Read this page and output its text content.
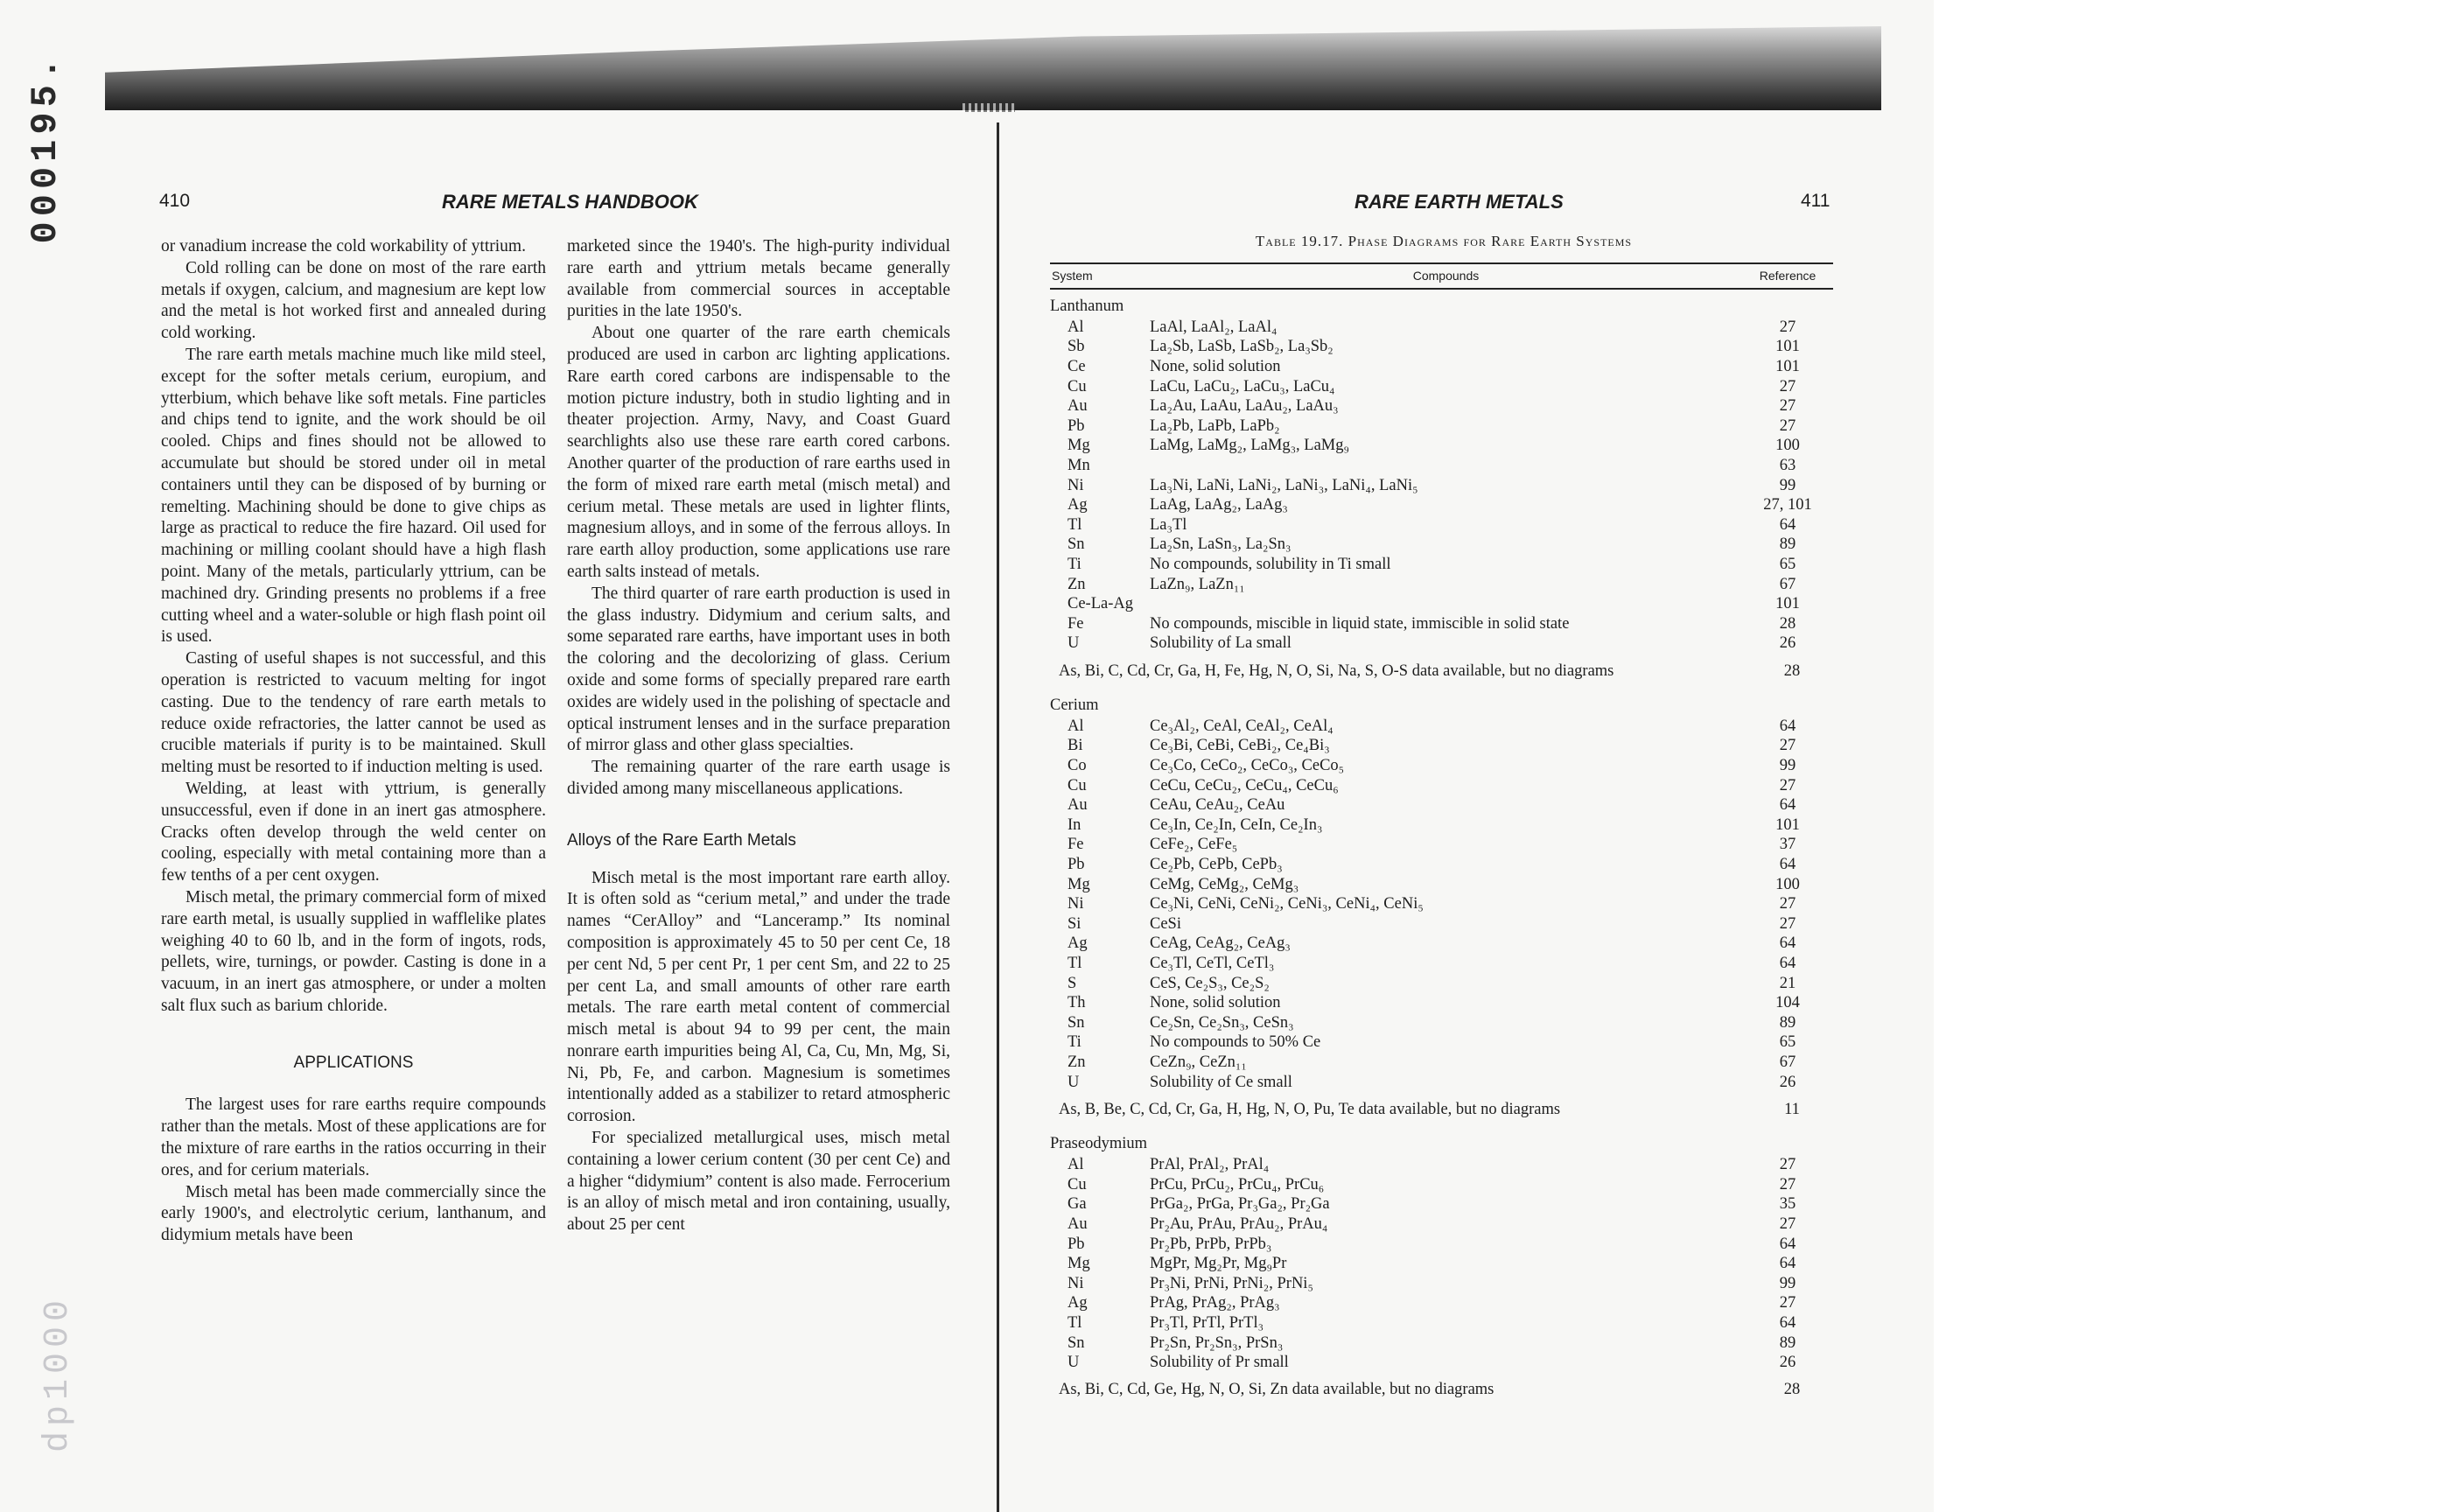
000195.
dp1000
410	RARE METALS HANDBOOK

or vanadium increase the cold workability of yttrium.

Cold rolling can be done on most of the rare earth metals if oxygen, calcium, and magnesium are kept low and the metal is hot worked first and annealed during cold working.

The rare earth metals machine much like mild steel, except for the softer metals cerium, europium, and ytterbium, which behave like soft metals. Fine particles and chips tend to ignite, and the work should be oil cooled. Chips and fines should not be allowed to accumulate but should be stored under oil in metal containers until they can be disposed of by burning or remelting. Machining should be done to give chips as large as practical to reduce the fire hazard. Oil used for machining or milling coolant should have a high flash point. Many of the metals, particularly yttrium, can be machined dry. Grinding presents no problems if a free cutting wheel and a water-soluble or high flash point oil is used.

Casting of useful shapes is not successful, and this operation is restricted to vacuum melting for ingot casting. Due to the tendency of rare earth metals to reduce oxide refractories, the latter cannot be used as crucible materials if purity is to be maintained. Skull melting must be resorted to if induction melting is used.

Welding, at least with yttrium, is generally unsuccessful, even if done in an inert gas atmosphere. Cracks often develop through the weld center on cooling, especially with metal containing more than a few tenths of a per cent oxygen.

Misch metal, the primary commercial form of mixed rare earth metal, is usually supplied in wafflelike plates weighing 40 to 60 lb, and in the form of ingots, rods, pellets, wire, turnings, or powder. Casting is done in a vacuum, in an inert gas atmosphere, or under a molten salt flux such as barium chloride.

APPLICATIONS

The largest uses for rare earths require compounds rather than the metals. Most of these applications are for the mixture of rare earths in the ratios occurring in their ores, and for cerium materials.

Misch metal has been made commercially since the early 1900's, and electrolytic cerium, lanthanum, and didymium metals have been

marketed since the 1940's. The high-purity individual rare earth and yttrium metals became generally available from commercial sources in acceptable purities in the late 1950's.

About one quarter of the rare earth chemicals produced are used in carbon arc lighting applications. Rare earth cored carbons are indispensable to the motion picture industry, both in studio lighting and in theater projection. Army, Navy, and Coast Guard searchlights also use these rare earth cored carbons. Another quarter of the production of rare earths used in the form of mixed rare earth metal (misch metal) and cerium metal. These metals are used in lighter flints, magnesium alloys, and in some of the ferrous alloys. In rare earth alloy production, some applications use rare earth salts instead of metals.

The third quarter of rare earth production is used in the glass industry. Didymium and cerium salts, and some separated rare earths, have important uses in both the coloring and the decolorizing of glass. Cerium oxide and some forms of specially prepared rare earth oxides are widely used in the polishing of spectacle and optical instrument lenses and in the surface preparation of mirror glass and other glass specialties.

The remaining quarter of the rare earth usage is divided among many miscellaneous applications.

Alloys of the Rare Earth Metals

Misch metal is the most important rare earth alloy. It is often sold as “cerium metal,” and under the trade names “CerAlloy” and “Lanceramp.” Its nominal composition is approximately 45 to 50 per cent Ce, 18 per cent Nd, 5 per cent Pr, 1 per cent Sm, and 22 to 25 per cent La, and small amounts of other rare earth metals. The rare earth metal content of commercial misch metal is about 94 to 99 per cent, the main nonrare earth impurities being Al, Ca, Cu, Mn, Mg, Si, Ni, Pb, Fe, and carbon. Magnesium is sometimes intentionally added as a stabilizer to retard atmospheric corrosion.

For specialized metallurgical uses, misch metal containing a lower cerium content (30 per cent Ce) and a higher “didymium” content is also made. Ferrocerium is an alloy of misch metal and iron containing, usually, about 25 per cent

RARE EARTH METALS	411
Table 19.17. Phase Diagrams for Rare Earth Systems
System	Compounds	Reference
Lanthanum		
Al	LaAl, LaAl₂, LaAl₄	27
Sb	La₂Sb, LaSb, LaSb₂, La₃Sb₂	101
Ce	None, solid solution	101
Cu	LaCu, LaCu₂, LaCu₃, LaCu₄	27
Au	La₂Au, LaAu, LaAu₂, LaAu₃	27
Pb	La₂Pb, LaPb, LaPb₂	27
Mg	LaMg, LaMg₂, LaMg₃, LaMg₉	100
Mn		63
Ni	La₃Ni, LaNi, LaNi₂, LaNi₃, LaNi₄, LaNi₅	99
Ag	LaAg, LaAg₂, LaAg₃	27, 101
Tl	La₃Tl	64
Sn	La₂Sn, LaSn₃, La₂Sn₃	89
Ti	No compounds, solubility in Ti small	65
Zn	LaZn₉, LaZn₁₁	67
Ce-La-Ag		101
Fe	No compounds, miscible in liquid state, immiscible in solid state	28
U	Solubility of La small	26
As, Bi, C, Cd, Cr, Ga, H, Fe, Hg, N, O, Si, Na, S, O-S data available, but no diagrams		28
Cerium		
Al	Ce₃Al₂, CeAl, CeAl₂, CeAl₄	64
Bi	Ce₃Bi, CeBi, CeBi₂, Ce₄Bi₃	27
Co	Ce₃Co, CeCo₂, CeCo₃, CeCo₅	99
Cu	CeCu, CeCu₂, CeCu₄, CeCu₆	27
Au	CeAu, CeAu₂, CeAu	64
In	Ce₃In, Ce₂In, CeIn, Ce₂In₃	101
Fe	CeFe₂, CeFe₅	37
Pb	Ce₂Pb, CePb, CePb₃	64
Mg	CeMg, CeMg₂, CeMg₃	100
Ni	Ce₃Ni, CeNi, CeNi₂, CeNi₃, CeNi₄, CeNi₅	27
Si	CeSi	27
Ag	CeAg, CeAg₂, CeAg₃	64
Tl	Ce₃Tl, CeTl, CeTl₃	64
S	CeS, Ce₂S₃, Ce₂S₂	21
Th	None, solid solution	104
Sn	Ce₂Sn, Ce₂Sn₃, CeSn₃	89
Ti	No compounds to 50% Ce	65
Zn	CeZn₉, CeZn₁₁	67
U	Solubility of Ce small	26
As, B, Be, C, Cd, Cr, Ga, H, Hg, N, O, Pu, Te data available, but no diagrams		11
Praseodymium		
Al	PrAl, PrAl₂, PrAl₄	27
Cu	PrCu, PrCu₂, PrCu₄, PrCu₆	27
Ga	PrGa₂, PrGa, Pr₃Ga₂, Pr₂Ga	35
Au	Pr₂Au, PrAu, PrAu₂, PrAu₄	27
Pb	Pr₂Pb, PrPb, PrPb₃	64
Mg	MgPr, Mg₂Pr, Mg₉Pr	64
Ni	Pr₃Ni, PrNi, PrNi₂, PrNi₅	99
Ag	PrAg, PrAg₂, PrAg₃	27
Tl	Pr₃Tl, PrTl, PrTl₃	64
Sn	Pr₂Sn, Pr₂Sn₃, PrSn₃	89
U	Solubility of Pr small	26
As, Bi, C, Cd, Ge, Hg, N, O, Si, Zn data available, but no diagrams		28
